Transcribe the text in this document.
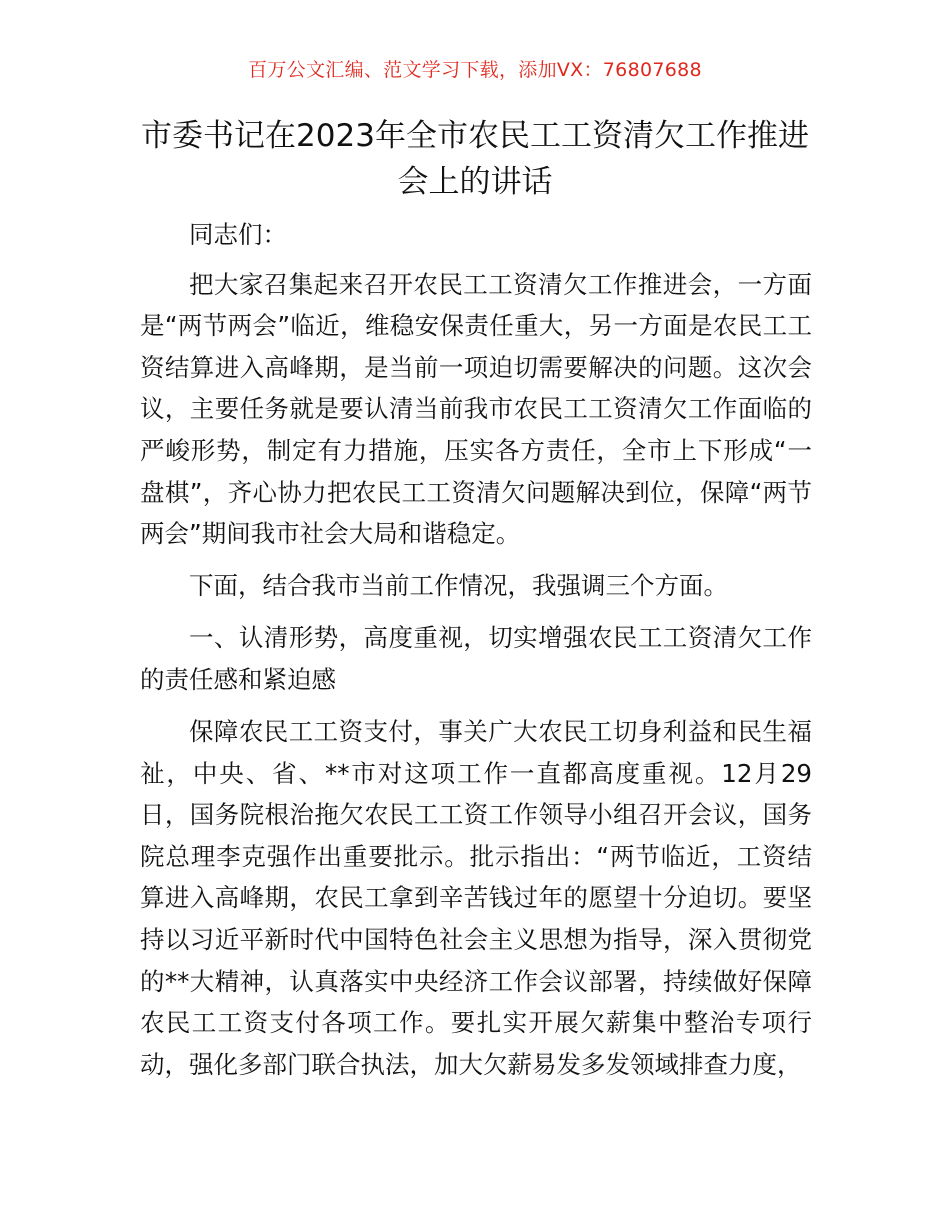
百万公文汇编、范文学习下载，添加VX：76807688
市委书记在2023年全市农民工工资清欠工作推进会上的讲话

同志们：

把大家召集起来召开农民工工资清欠工作推进会，一方面是“两节两会”临近，维稳安保责任重大，另一方面是农民工工资结算进入高峰期，是当前一项迫切需要解决的问题。这次会议，主要任务就是要认清当前我市农民工工资清欠工作面临的严峻形势，制定有力措施，压实各方责任，全市上下形成“一盘棋”，齐心协力把农民工工资清欠问题解决到位，保障“两节两会”期间我市社会大局和谐稳定。

下面，结合我市当前工作情况，我强调三个方面。

一、认清形势，高度重视，切实增强农民工工资清欠工作的责任感和紧迫感

保障农民工工资支付，事关广大农民工切身利益和民生福祉，中央、省、**市对这项工作一直都高度重视。12月29日，国务院根治拖欠农民工工资工作领导小组召开会议，国务院总理李克强作出重要批示。批示指出：“两节临近，工资结算进入高峰期，农民工拿到辛苦钱过年的愿望十分迫切。要坚持以习近平新时代中国特色社会主义思想为指导，深入贯彻党的**大精神，认真落实中央经济工作会议部署，持续做好保障农民工工资支付各项工作。要扎实开展欠薪集中整治专项行动，强化多部门联合执法，加大欠薪易发多发领域排查力度，
